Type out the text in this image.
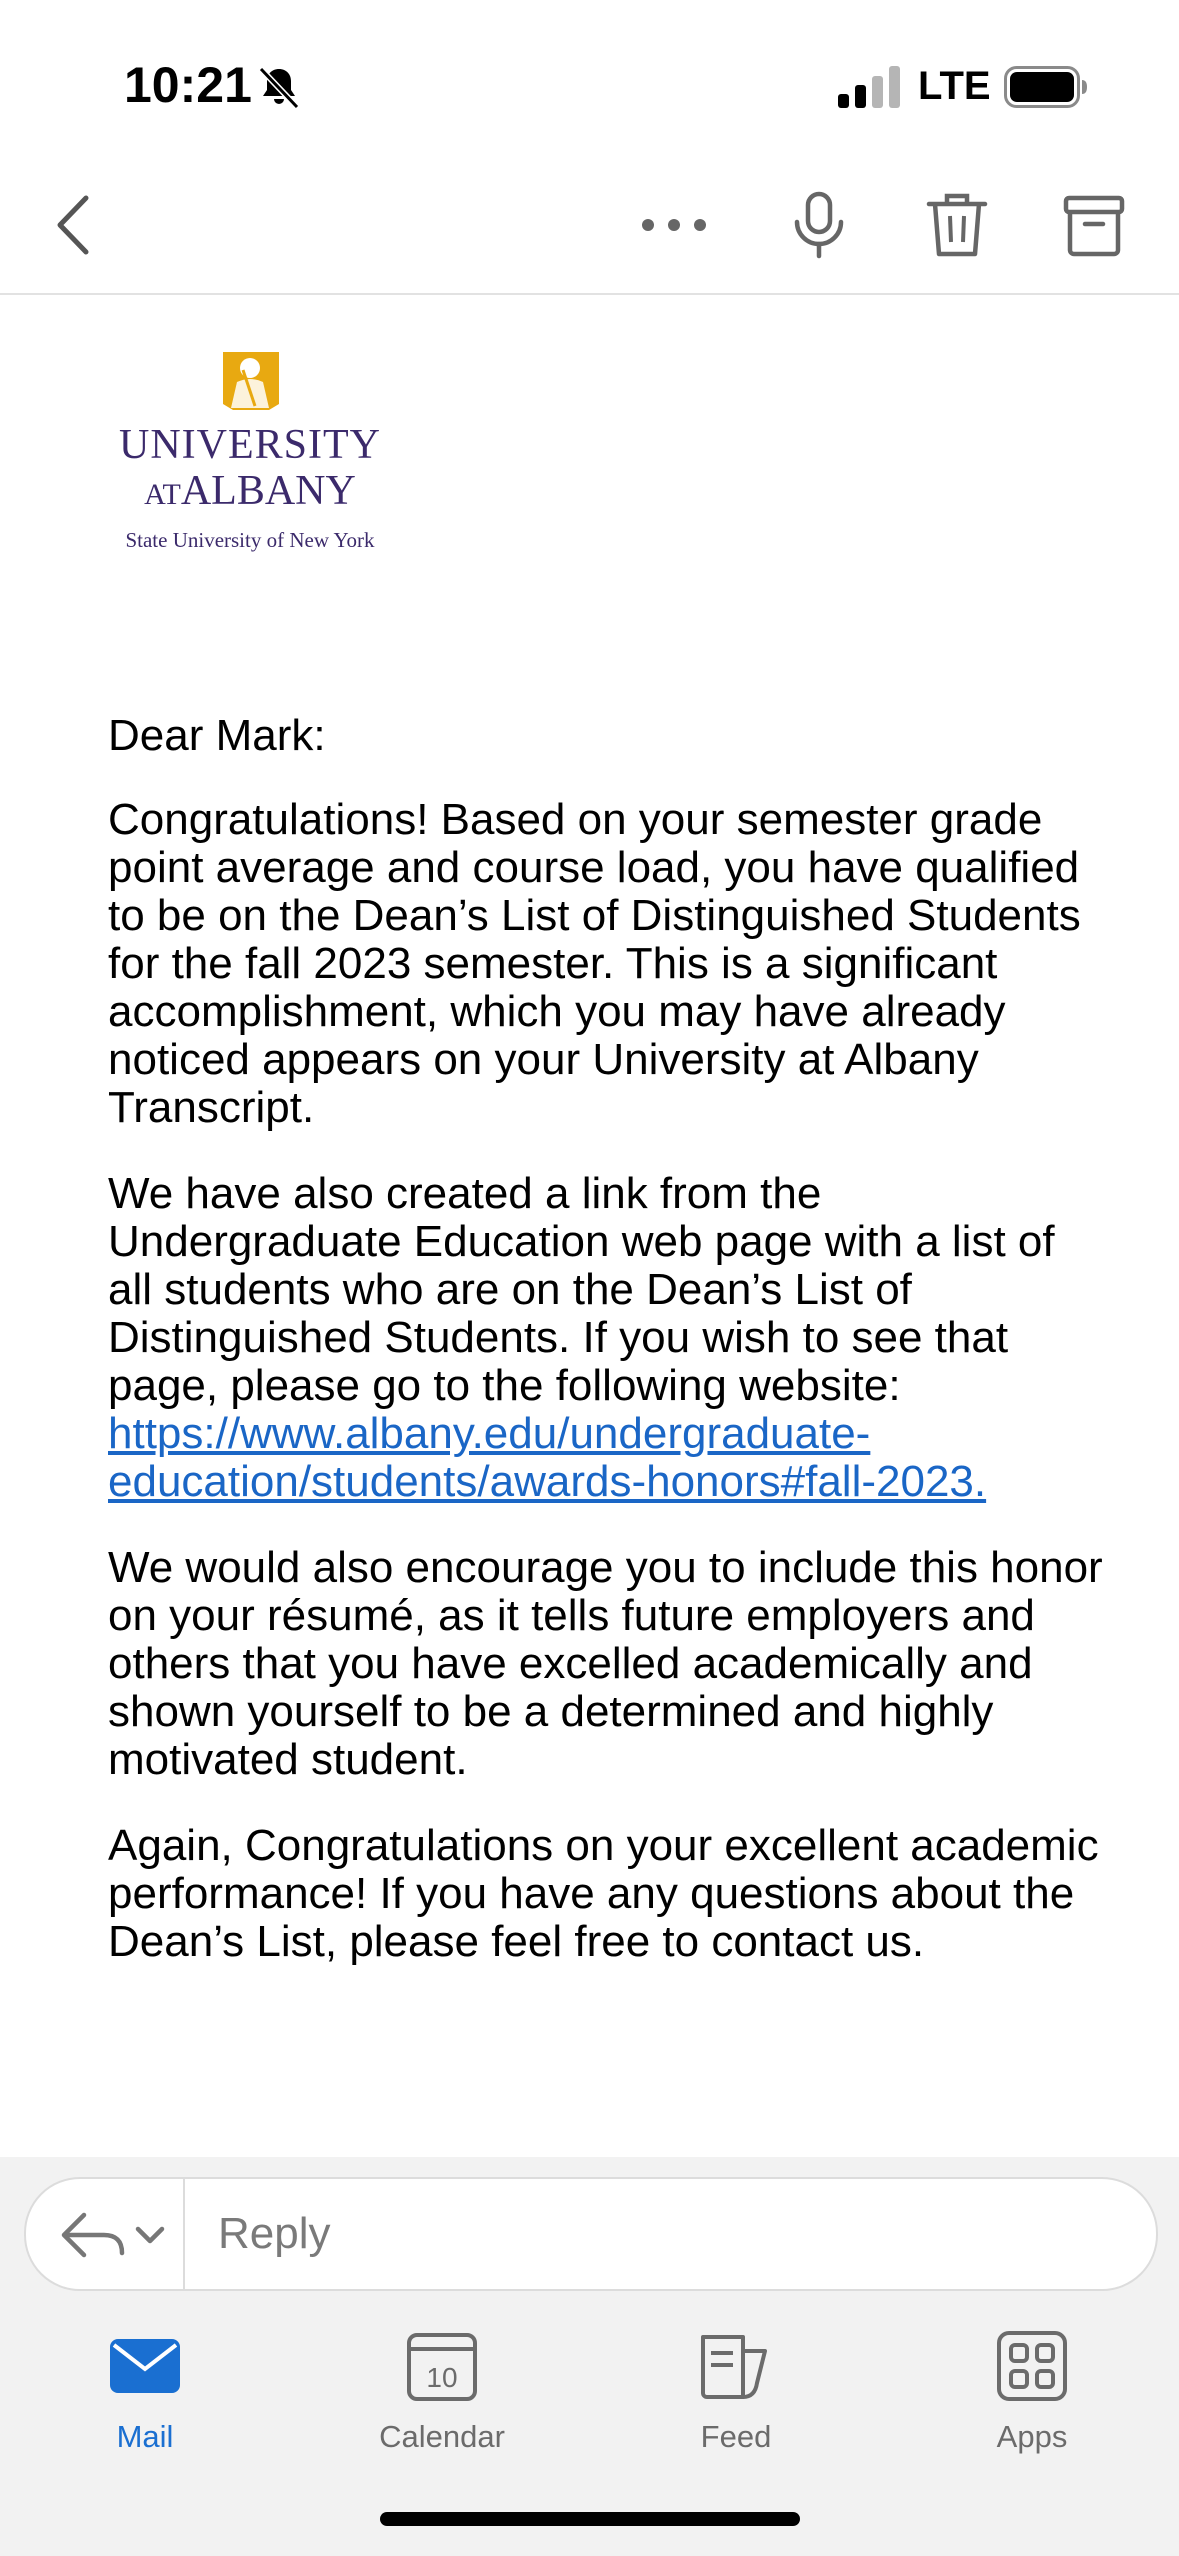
10:21	LTE
UNIVERSITY
ATALBANY
State University of New York

Dear Mark:

Congratulations! Based on your semester grade point average and course load, you have qualified to be on the Dean’s List of Distinguished Students for the fall 2023 semester. This is a significant accomplishment, which you may have already noticed appears on your University at Albany Transcript.

We have also created a link from the Undergraduate Education web page with a list of all students who are on the Dean’s List of Distinguished Students. If you wish to see that page, please go to the following website:
https://www.albany.edu/undergraduate-education/students/awards-honors#fall-2023.

We would also encourage you to include this honor on your résumé, as it tells future employers and others that you have excelled academically and shown yourself to be a determined and highly motivated student.

Again, Congratulations on your excellent academic performance! If you have any questions about the Dean’s List, please feel free to contact us.

Reply
Mail
10
Calendar	Feed	Apps
